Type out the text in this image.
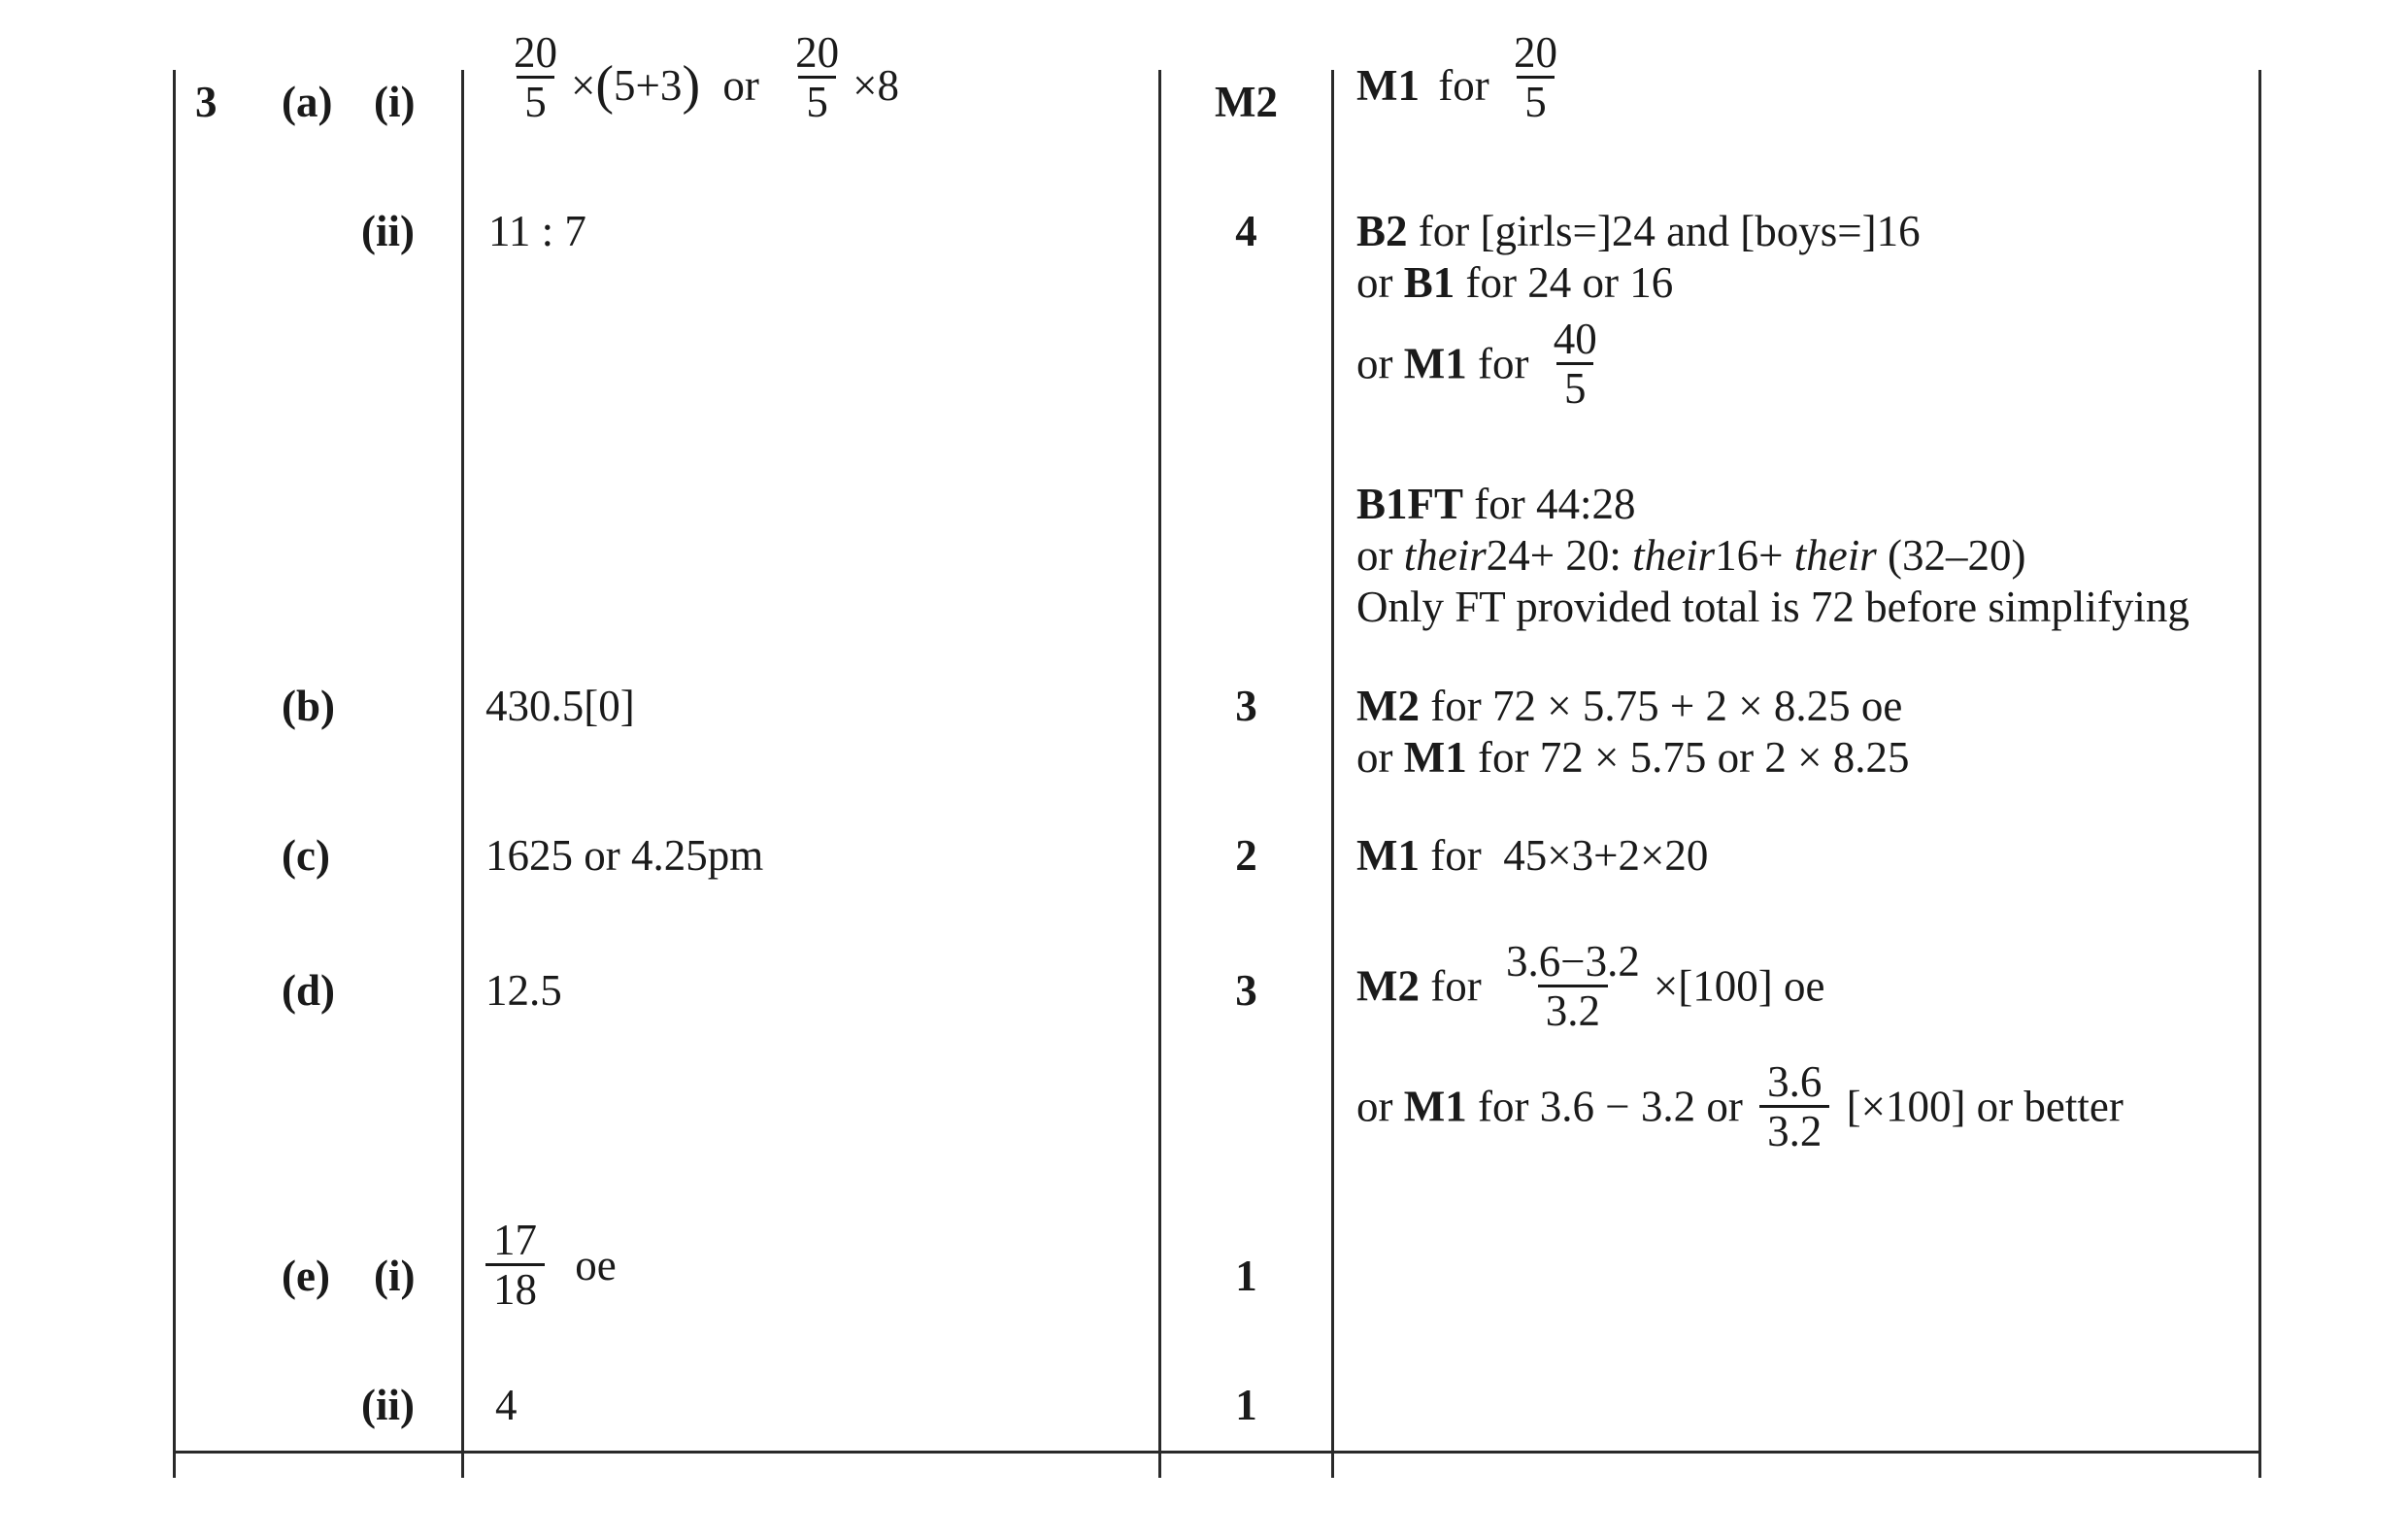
3 (a) $(i) \frac{20}{5} \times(5+3)$ or $\frac{20}{5} \times 8$	M2	M1 for $\frac{20}{5}$
(ii) 11 : 7	4	B2 for [girls=]24 and [boys=]16
or B1 for 24 or 16
or M1 for $\frac{40}{5}$
B1FT for 44:28
or their24+ 20: their16+ their (32–20)
Only FT provided total is 72 before simplifying
(b)	430.5[0]	3	M2 for 72 × 5.75 + 2 × 8.25 oe
or M1 for 72 × 5.75 or 2 × 8.25
(c)	1625 or 4.25pm	2	M1 for  45×3+2×20
(d)	12.5	3	M2 for $\frac{3.6-3.2}{3.2} \times[100]$ oe
or M1 for 3.6 − 3.2 or $\frac{3.6}{3.2} [\times 100]$ or better
(e) $(i) \frac{17}{18}$ oe	1
(ii) 4	1
